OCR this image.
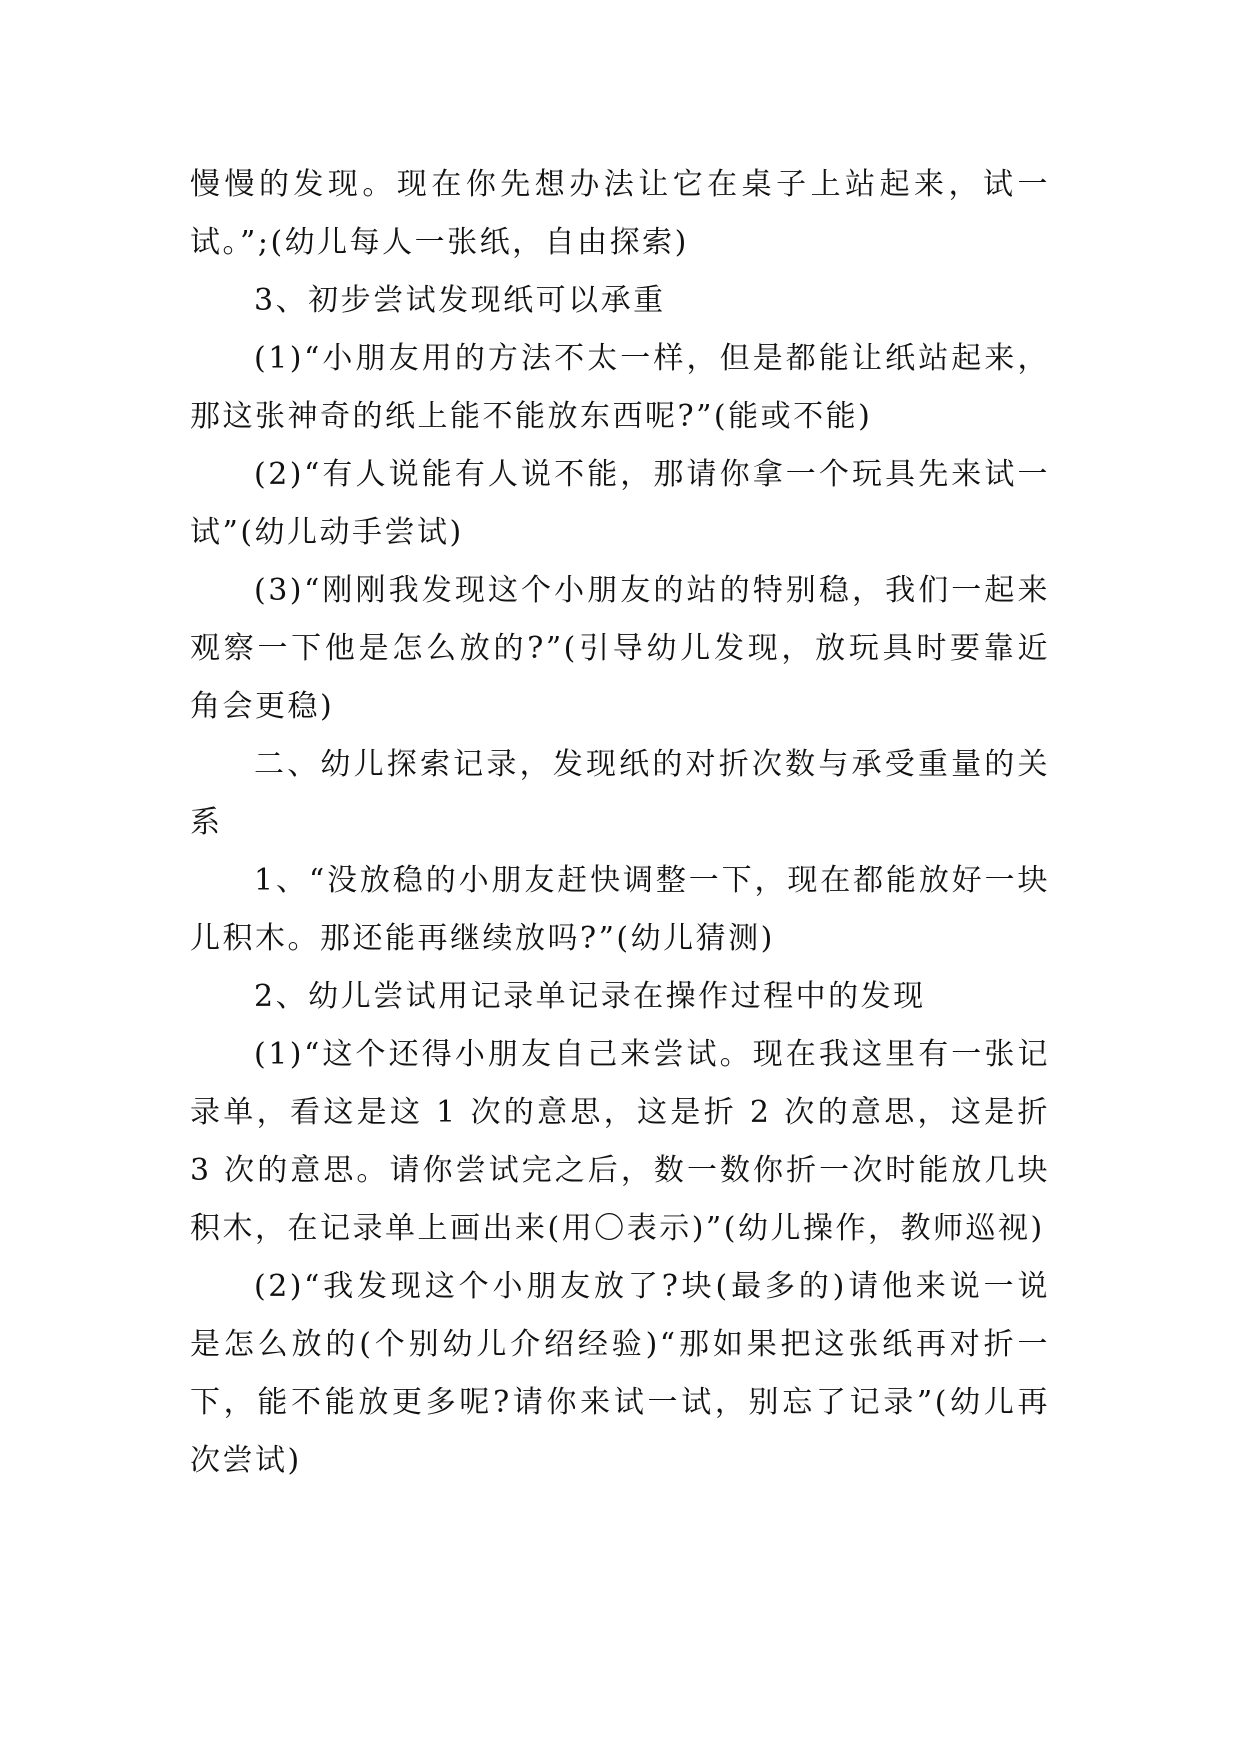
慢慢的发现。现在你先想办法让它在桌子上站起来，试一试。”;(幼儿每人一张纸，自由探索)

3、初步尝试发现纸可以承重

(1)“小朋友用的方法不太一样，但是都能让纸站起来，那这张神奇的纸上能不能放东西呢?”(能或不能)

(2)“有人说能有人说不能，那请你拿一个玩具先来试一试”(幼儿动手尝试)

(3)“刚刚我发现这个小朋友的站的特别稳，我们一起来观察一下他是怎么放的?”(引导幼儿发现，放玩具时要靠近角会更稳)

二、幼儿探索记录，发现纸的对折次数与承受重量的关系

1、“没放稳的小朋友赶快调整一下，现在都能放好一块儿积木。那还能再继续放吗?”(幼儿猜测)

2、幼儿尝试用记录单记录在操作过程中的发现

(1)“这个还得小朋友自己来尝试。现在我这里有一张记录单，看这是这 1 次的意思，这是折 2 次的意思，这是折 3 次的意思。请你尝试完之后，数一数你折一次时能放几块积木，在记录单上画出来(用〇表示)”(幼儿操作，教师巡视)

(2)“我发现这个小朋友放了?块(最多的)请他来说一说是怎么放的(个别幼儿介绍经验)“那如果把这张纸再对折一下，能不能放更多呢?请你来试一试，别忘了记录”(幼儿再次尝试)
